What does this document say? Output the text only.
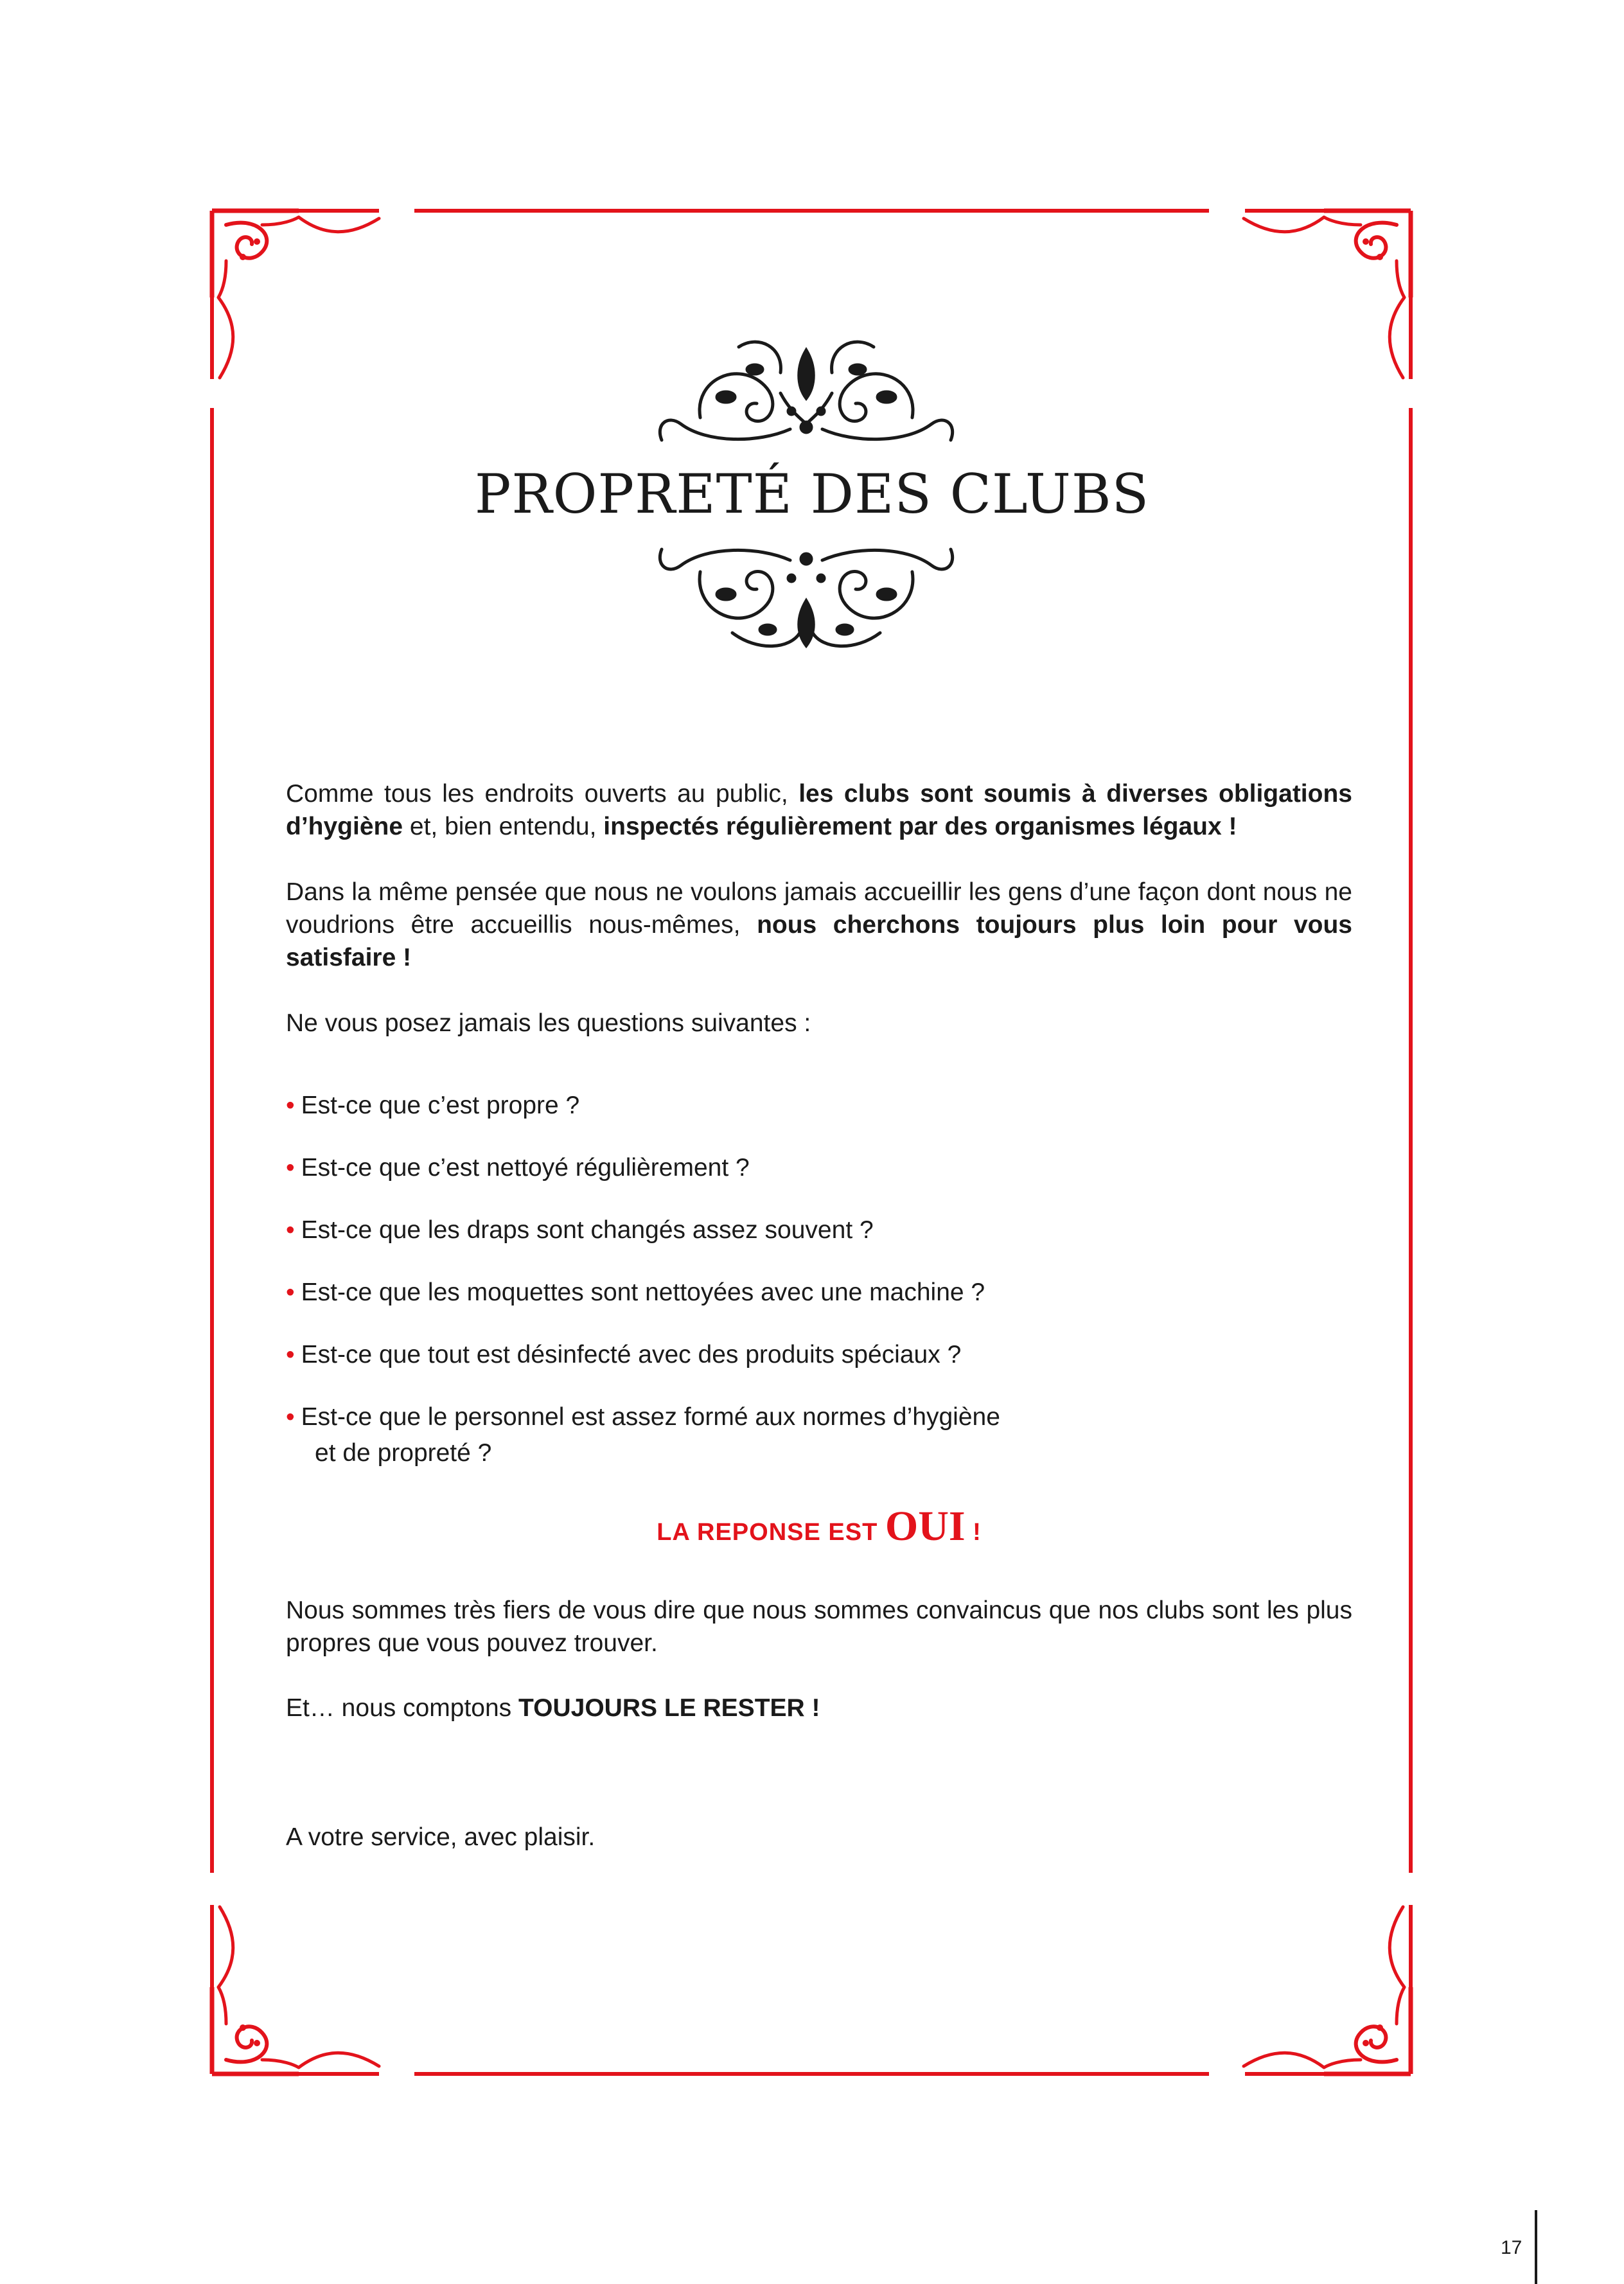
PROPRETÉ DES CLUBS

Comme tous les endroits ouverts au public, les clubs sont soumis à diverses obligations d’hygiène et, bien entendu, inspectés régulièrement par des organismes légaux !

Dans la même pensée que nous ne voulons jamais accueillir les gens d’une façon dont nous ne voudrions être accueillis nous-mêmes, nous cherchons toujours plus loin pour vous satisfaire !

Ne vous posez jamais les questions suivantes :

• Est-ce que c’est propre ?
• Est-ce que c’est nettoyé régulièrement ?
• Est-ce que les draps sont changés assez souvent ?
• Est-ce que les moquettes sont nettoyées avec une machine ?
• Est-ce que tout est désinfecté avec des produits spéciaux ?
• Est-ce que le personnel est assez formé aux normes d’hygiène
et de propreté ?

LA REPONSE EST OUI !

Nous sommes très fiers de vous dire que nous sommes convaincus que nos clubs sont les plus propres que vous pouvez trouver.

Et… nous comptons TOUJOURS LE RESTER !

A votre service, avec plaisir.

17
